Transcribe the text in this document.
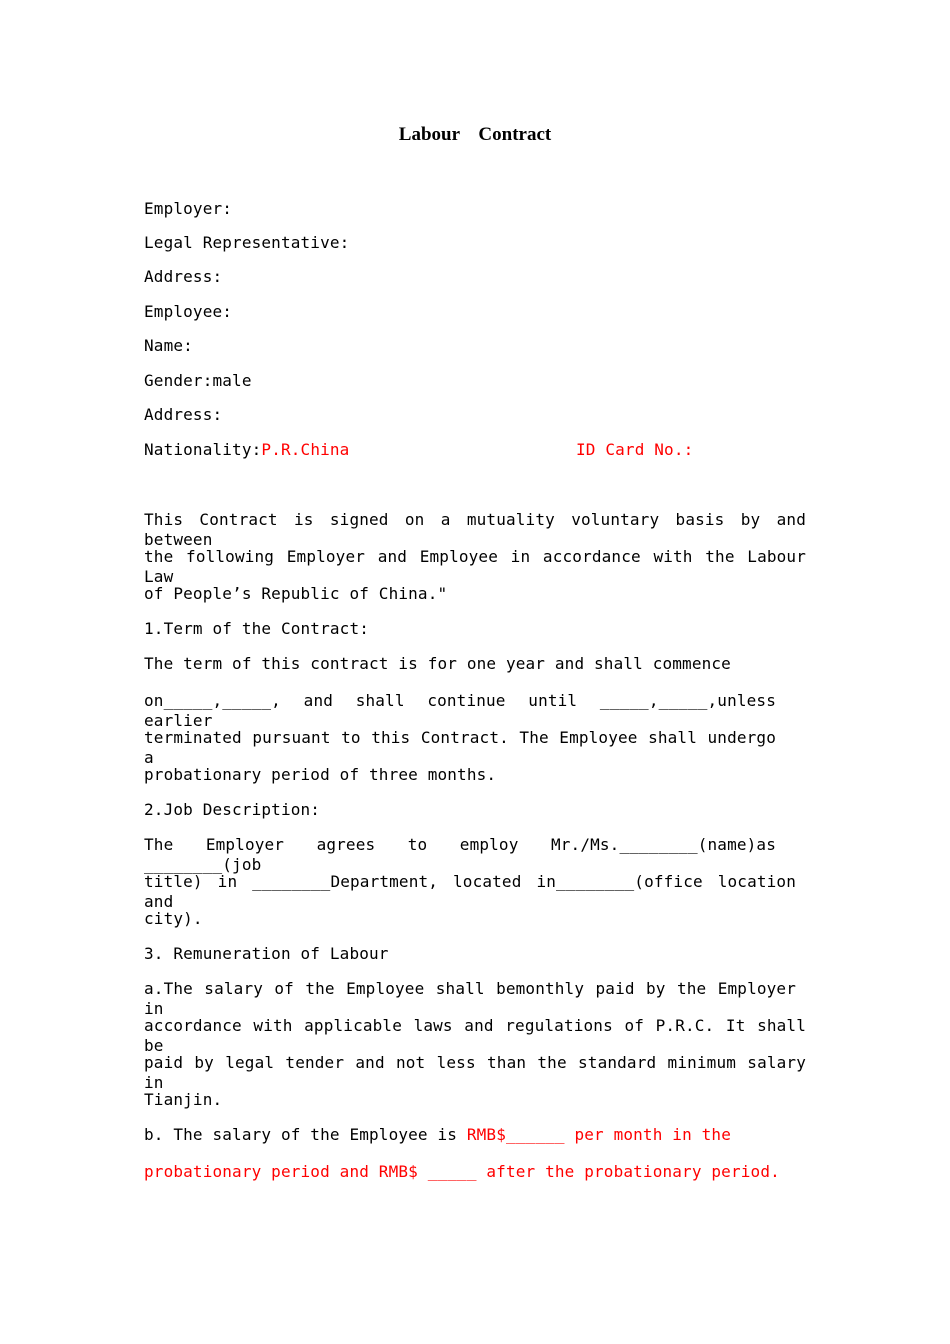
Labour Contract
Employer:
Legal Representative:
Address:
Employee:
Name:
Gender:male
Address:
Nationality:P.R.China	ID Card No.:
This Contract is signed on a mutuality voluntary basis by and between
the following Employer and Employee in accordance with the Labour Law
of People’s Republic of China."
1.Term of the Contract:
The term of this contract is for one year and shall commence
on_____,_____, and shall continue until _____,_____,unless earlier
terminated pursuant to this Contract. The Employee shall undergo a
probationary period of three months.
2.Job Description:
The Employer agrees to employ Mr./Ms.________(name)as ________(job
title) in ________Department, located in________(office location and
city).
3. Remuneration of Labour
a.The salary of the Employee shall bemonthly paid by the Employer in
accordance with applicable laws and regulations of P.R.C. It shall be
paid by legal tender and not less than the standard minimum salary in
Tianjin.
b. The salary of the Employee is RMB$______ per month in the
probationary period and RMB$ _____ after the probationary period.
